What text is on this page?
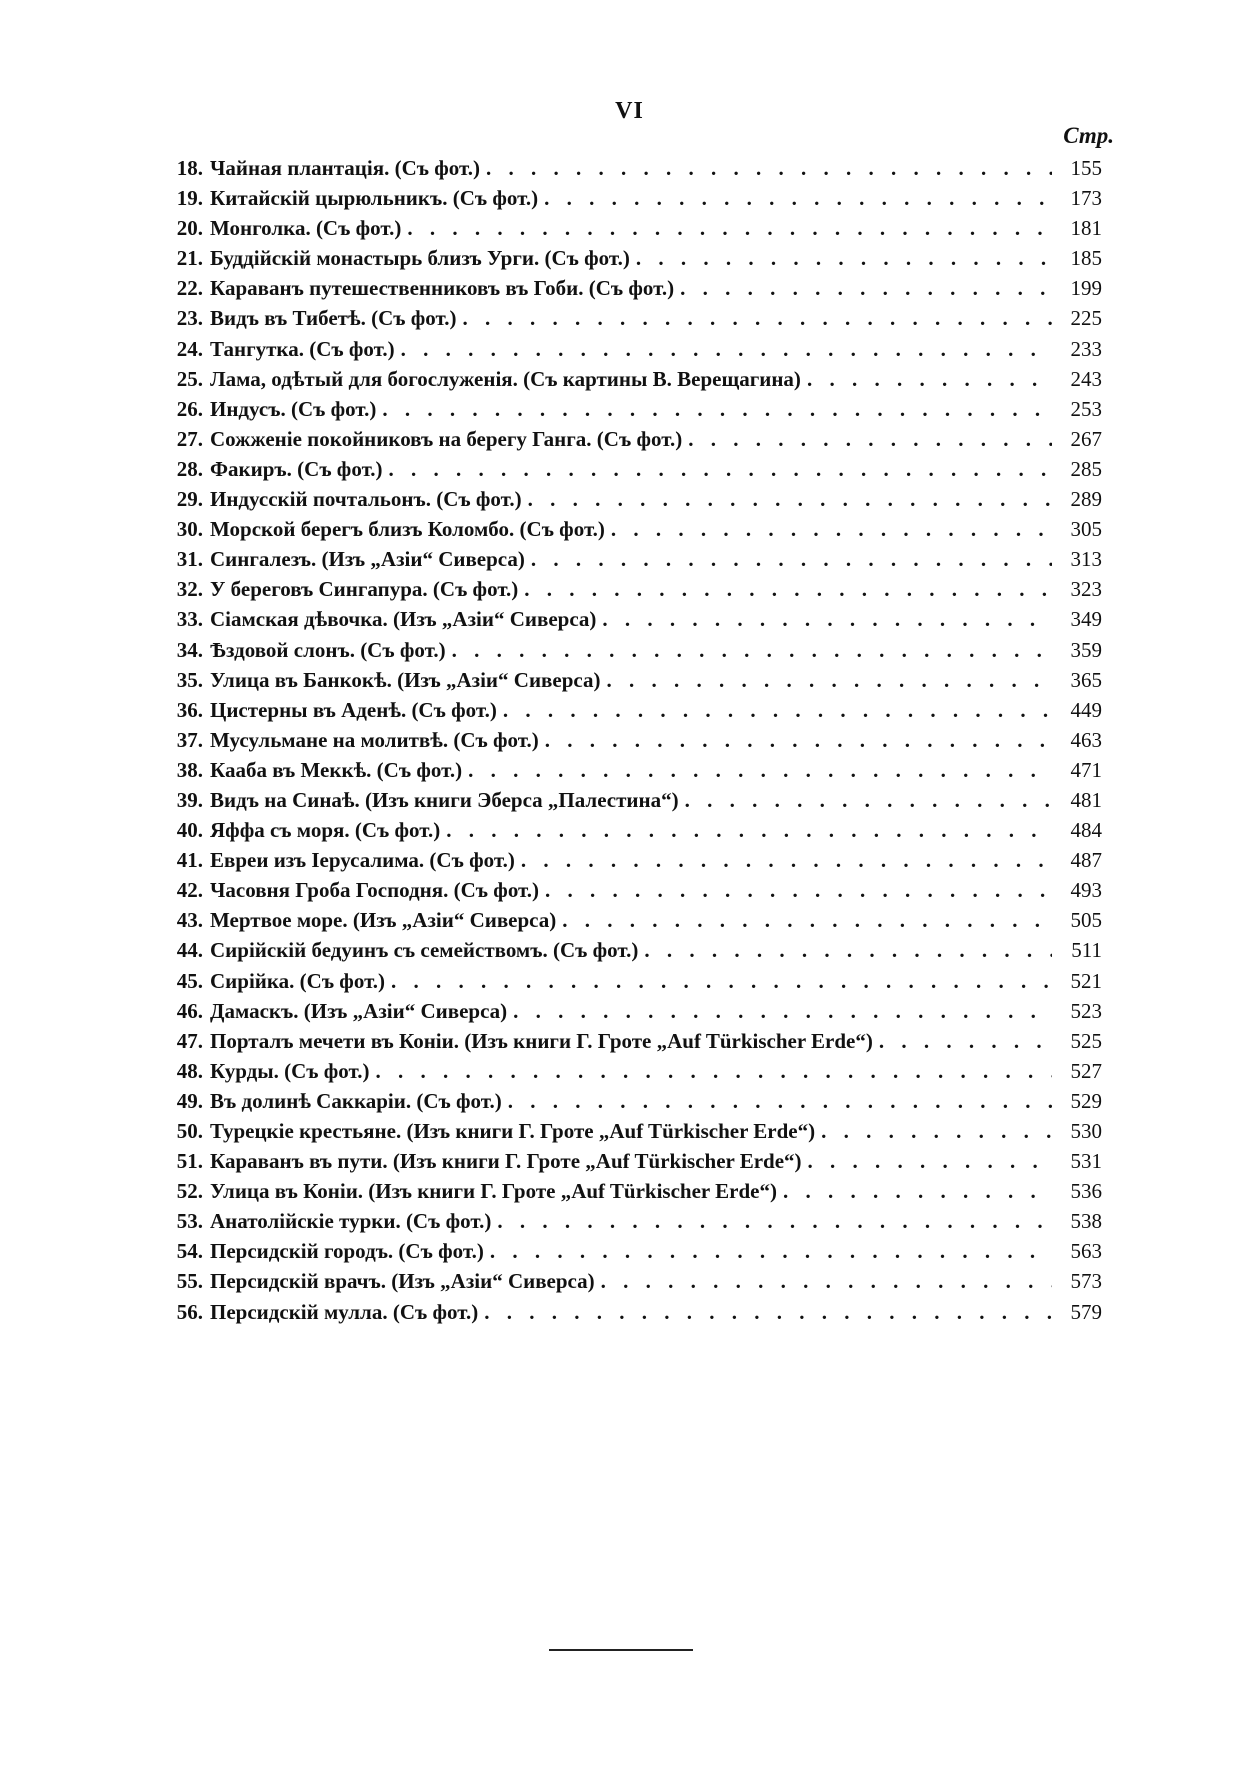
VI
Стр.
18. Чайная плантація. (Съ фот.) . . .	155
19. Китайскій цырюльникъ. (Съ фот.) . . .	173
20. Монголка. (Съ фот.) . . .	181
21. Буддійскій монастырь близъ Урги. (Съ фот.) . . .	185
22. Караванъ путешественниковъ въ Гоби. (Съ фот.) . . .	199
23. Видъ въ Тибетѣ. (Съ фот.) . . .	225
24. Тангутка. (Съ фот.) . . .	233
25. Лама, одѣтый для богослуженія. (Съ картины В. Верещагина) . . .	243
26. Индусъ. (Съ фот.) . . .	253
27. Сожженіе покойниковъ на берегу Ганга. (Съ фот.) . . .	267
28. Факиръ. (Съ фот.) . . .	285
29. Индусскій почтальонъ. (Съ фот.) . . .	289
30. Морской берегъ близъ Коломбо. (Съ фот.) . . .	305
31. Сингалезъ. (Изъ „Азіи“ Сиверса) . . .	313
32. У береговъ Сингапура. (Съ фот.) . . .	323
33. Сіамская дѣвочка. (Изъ „Азіи“ Сиверса) . . .	349
34. Ѣздовой слонъ. (Съ фот.) . . .	359
35. Улица въ Банкокѣ. (Изъ „Азіи“ Сиверса) . . .	365
36. Цистерны въ Аденѣ. (Съ фот.) . . .	449
37. Мусульмане на молитвѣ. (Съ фот.) . . .	463
38. Кааба въ Меккѣ. (Съ фот.) . . .	471
39. Видъ на Синаѣ. (Изъ книги Эберса „Палестина“) . . .	481
40. Яффа съ моря. (Съ фот.) . . .	484
41. Евреи изъ Іерусалима. (Съ фот.) . . .	487
42. Часовня Гроба Господня. (Съ фот.) . . .	493
43. Мертвое море. (Изъ „Азіи“ Сиверса) . . .	505
44. Сирійскій бедуинъ съ семействомъ. (Съ фот.) . . .	511
45. Сирійка. (Съ фот.) . . .	521
46. Дамаскъ. (Изъ „Азіи“ Сиверса) . . .	523
47. Порталъ мечети въ Коніи. (Изъ книги Г. Гроте „Auf Türkischer Erde“) . . .	525
48. Курды. (Съ фот.) . . .	527
49. Въ долинѣ Саккаріи. (Съ фот.) . . .	529
50. Турецкіе крестьяне. (Изъ книги Г. Гроте „Auf Türkischer Erde“) . . .	530
51. Караванъ въ пути. (Изъ книги Г. Гроте „Auf Türkischer Erde“) . . .	531
52. Улица въ Коніи. (Изъ книги Г. Гроте „Auf Türkischer Erde“) . . .	536
53. Анатолійскіе турки. (Съ фот.) . . .	538
54. Персидскій городъ. (Съ фот.) . . .	563
55. Персидскій врачъ. (Изъ „Азіи“ Сиверса) . . .	573
56. Персидскій мулла. (Съ фот.) . . .	579
